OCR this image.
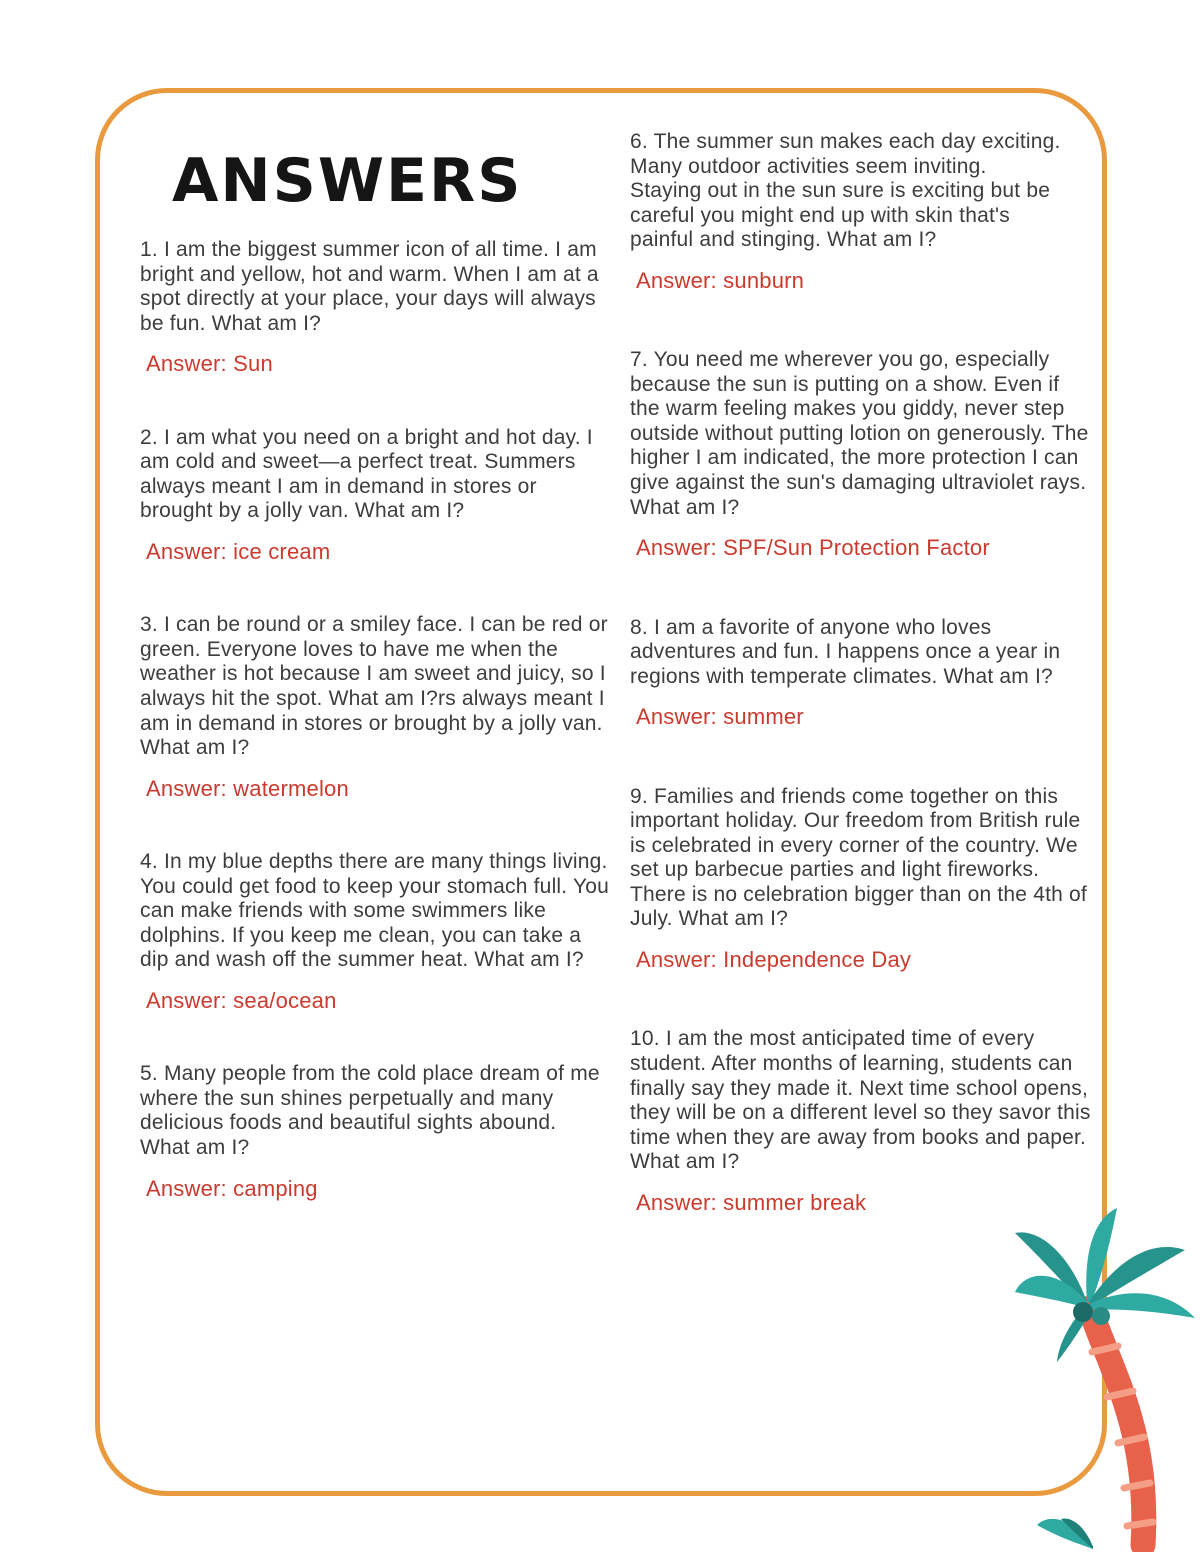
ANSWERS

1. I am the biggest summer icon of all time. I am bright and yellow, hot and warm. When I am at a spot directly at your place, your days will always be fun. What am I?

Answer: Sun

2. I am what you need on a bright and hot day. I am cold and sweet—a perfect treat. Summers always meant I am in demand in stores or brought by a jolly van. What am I?

Answer: ice cream

3. I can be round or a smiley face. I can be red or green. Everyone loves to have me when the weather is hot because I am sweet and juicy, so I always hit the spot. What am I?rs always meant I am in demand in stores or brought by a jolly van. What am I?

Answer: watermelon

4. In my blue depths there are many things living. You could get food to keep your stomach full. You can make friends with some swimmers like dolphins. If you keep me clean, you can take a dip and wash off the summer heat. What am I?

Answer: sea/ocean

5. Many people from the cold place dream of me where the sun shines perpetually and many delicious foods and beautiful sights abound. What am I?

Answer: camping

6. The summer sun makes each day exciting. Many outdoor activities seem inviting. Staying out in the sun sure is exciting but be careful you might end up with skin that's painful and stinging. What am I?

Answer: sunburn

7. You need me wherever you go, especially because the sun is putting on a show. Even if the warm feeling makes you giddy, never step outside without putting lotion on generously. The higher I am indicated, the more protection I can give against the sun's damaging ultraviolet rays. What am I?

Answer: SPF/Sun Protection Factor

8. I am a favorite of anyone who loves adventures and fun. I happens once a year in regions with temperate climates. What am I?

Answer: summer

9. Families and friends come together on this important holiday. Our freedom from British rule is celebrated in every corner of the country. We set up barbecue parties and light fireworks. There is no celebration bigger than on the 4th of July. What am I?

Answer: Independence Day

10. I am the most anticipated time of every student. After months of learning, students can finally say they made it. Next time school opens, they will be on a different level so they savor this time when they are away from books and paper. What am I?

Answer: summer break
